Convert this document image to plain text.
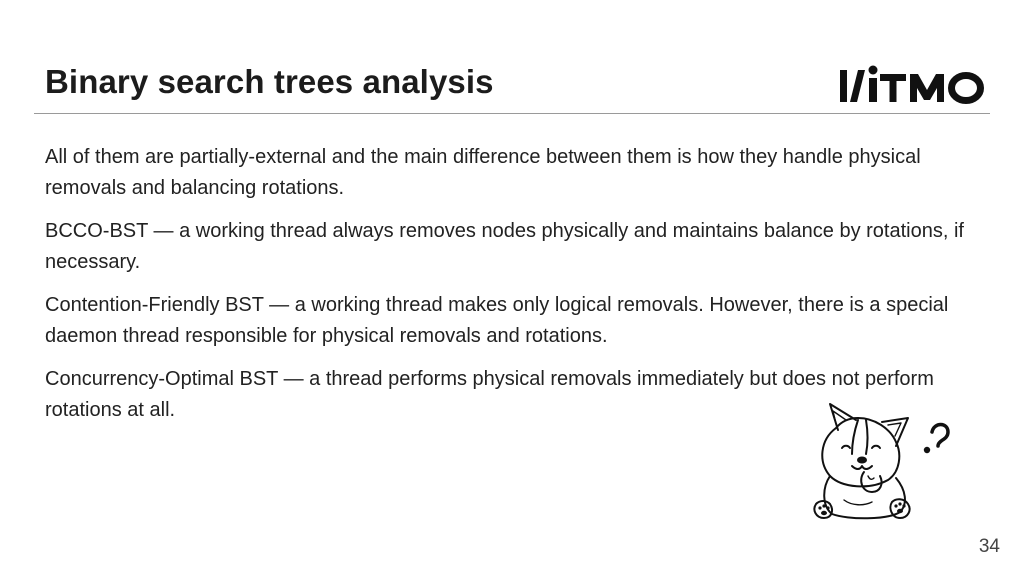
Binary search trees analysis

All of them are partially-external and the main difference between them is how they handle physical removals and balancing rotations.

BCCO-BST — a working thread always removes nodes physically and maintains balance by rotations, if necessary.

Contention-Friendly BST — a working thread makes only logical removals. However, there is a special daemon thread responsible for physical removals and rotations.

Concurrency-Optimal BST — a thread performs physical removals immediately but does not perform rotations at all.

34
